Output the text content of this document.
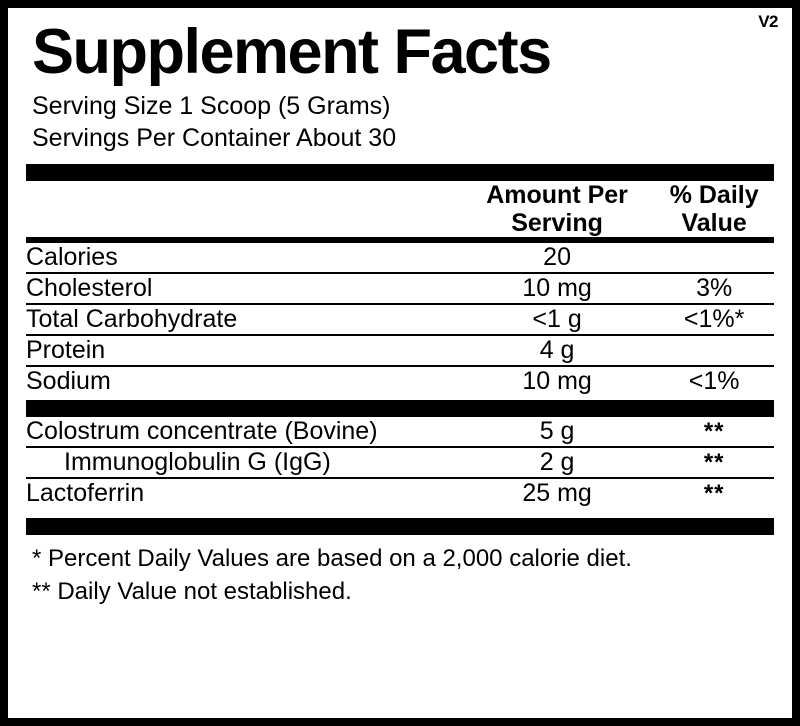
V2
Supplement Facts
Serving Size 1 Scoop (5 Grams)
Servings Per Container About 30

Amount Per
Serving

% Daily
Value

Calories	20	

Cholesterol	10 mg	3%

Total Carbohydrate	<1 g	<1%*

Protein	4 g	

Sodium	10 mg	<1%

Colostrum concentrate (Bovine)	5 g	**

Immunoglobulin G (IgG)	2 g	**

Lactoferrin	25 mg	**
* Percent Daily Values are based on a 2,000 calorie diet.
** Daily Value not established.
